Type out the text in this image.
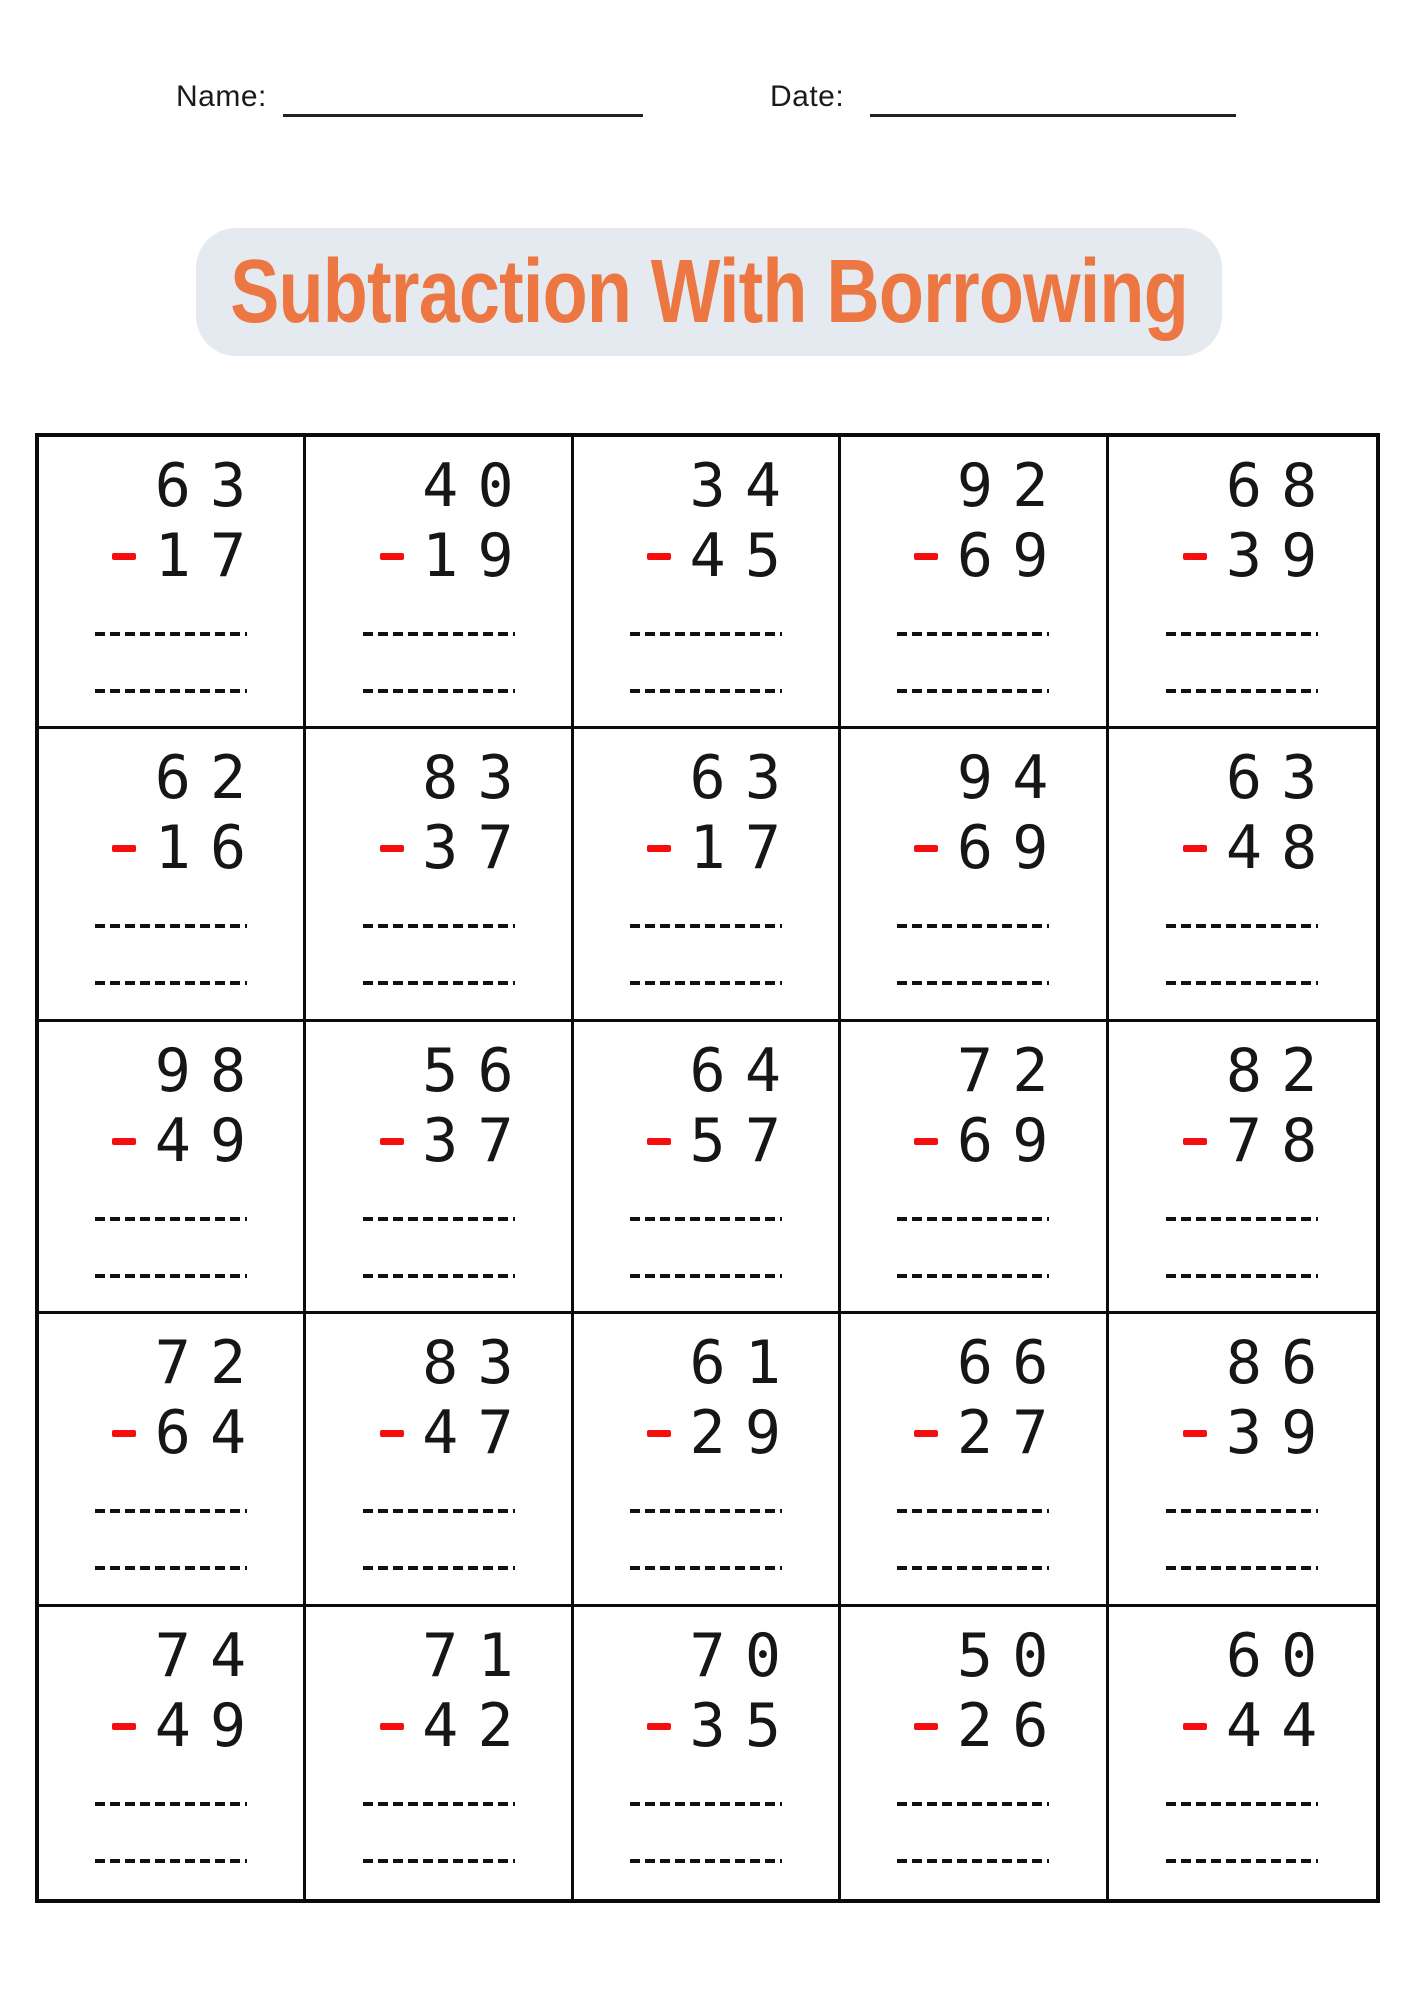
Name:	Date:
Subtraction With Borrowing
63
17
40
19
34
45
92
69
68
39
62
16
83
37
63
17
94
69
63
48
98
49
56
37
64
57
72
69
82
78
72
64
83
47
61
29
66
27
86
39
74
49
71
42
70
35
50
26
60
44
